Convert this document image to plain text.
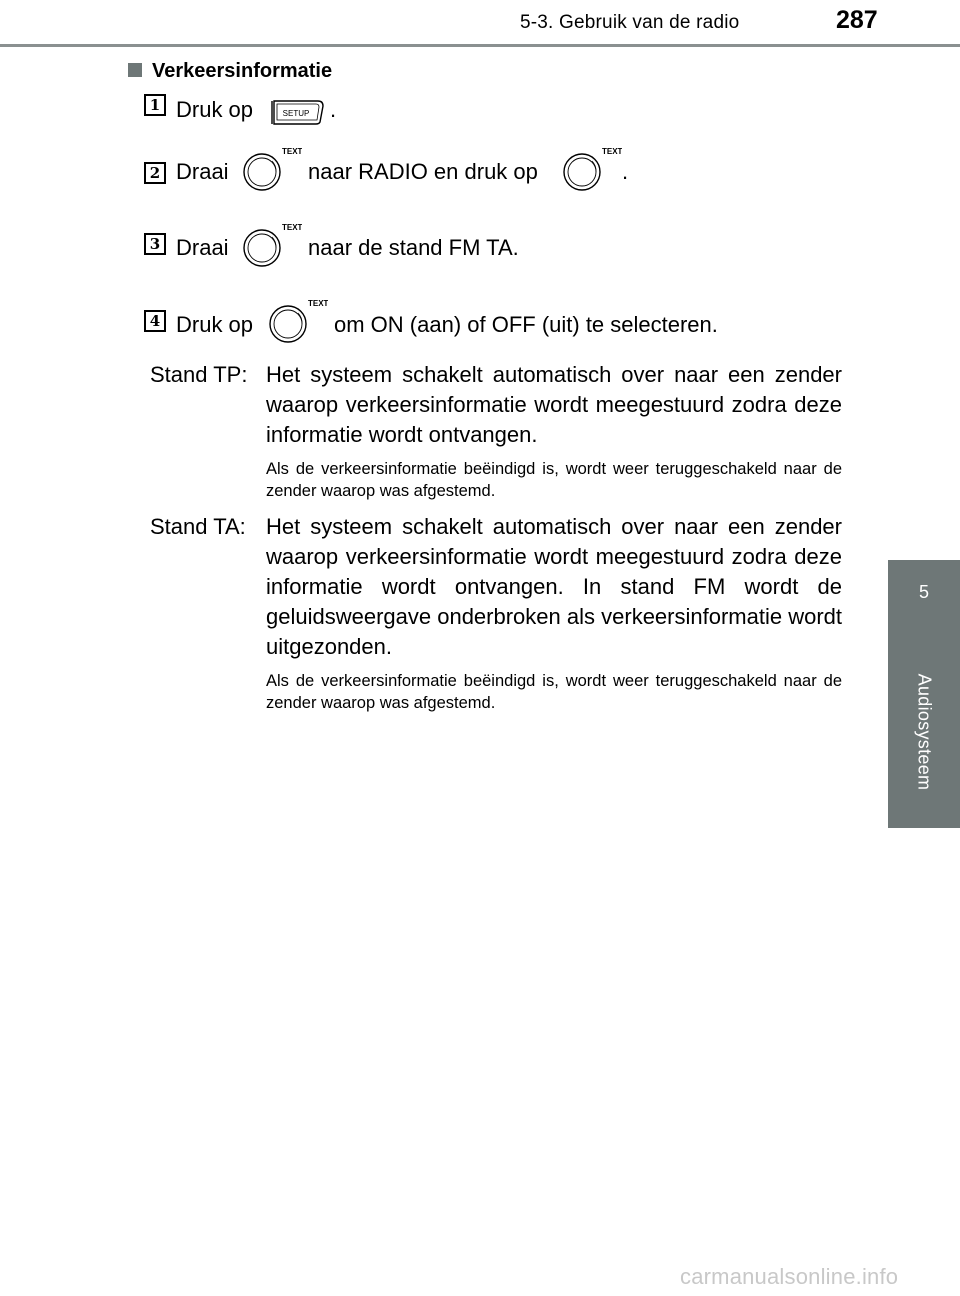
5-3. Gebruik van de radio	287
5
Audiosysteem
Verkeersinformatie
1 Druk op	SETUP .
2 Draai
TEXT
naar RADIO en druk op
TEXT
.
3 Draai
TEXT
naar de stand FM TA.
4 Druk op
TEXT
om ON (aan) of OFF (uit) te selecteren.
Stand TP: Het systeem schakelt automatisch over naar een zender waarop verkeersinformatie wordt meegestuurd zodra deze informatie wordt ontvangen.
Als de verkeersinformatie beëindigd is, wordt weer teruggeschakeld naar de zender waarop was afgestemd.
Stand TA: Het systeem schakelt automatisch over naar een zender waarop verkeersinformatie wordt meegestuurd zodra deze informatie wordt ontvangen. In stand FM wordt de geluidsweergave onderbroken als verkeersinformatie wordt uitgezonden.
Als de verkeersinformatie beëindigd is, wordt weer teruggeschakeld naar de zender waarop was afgestemd.
carmanualsonline.info
